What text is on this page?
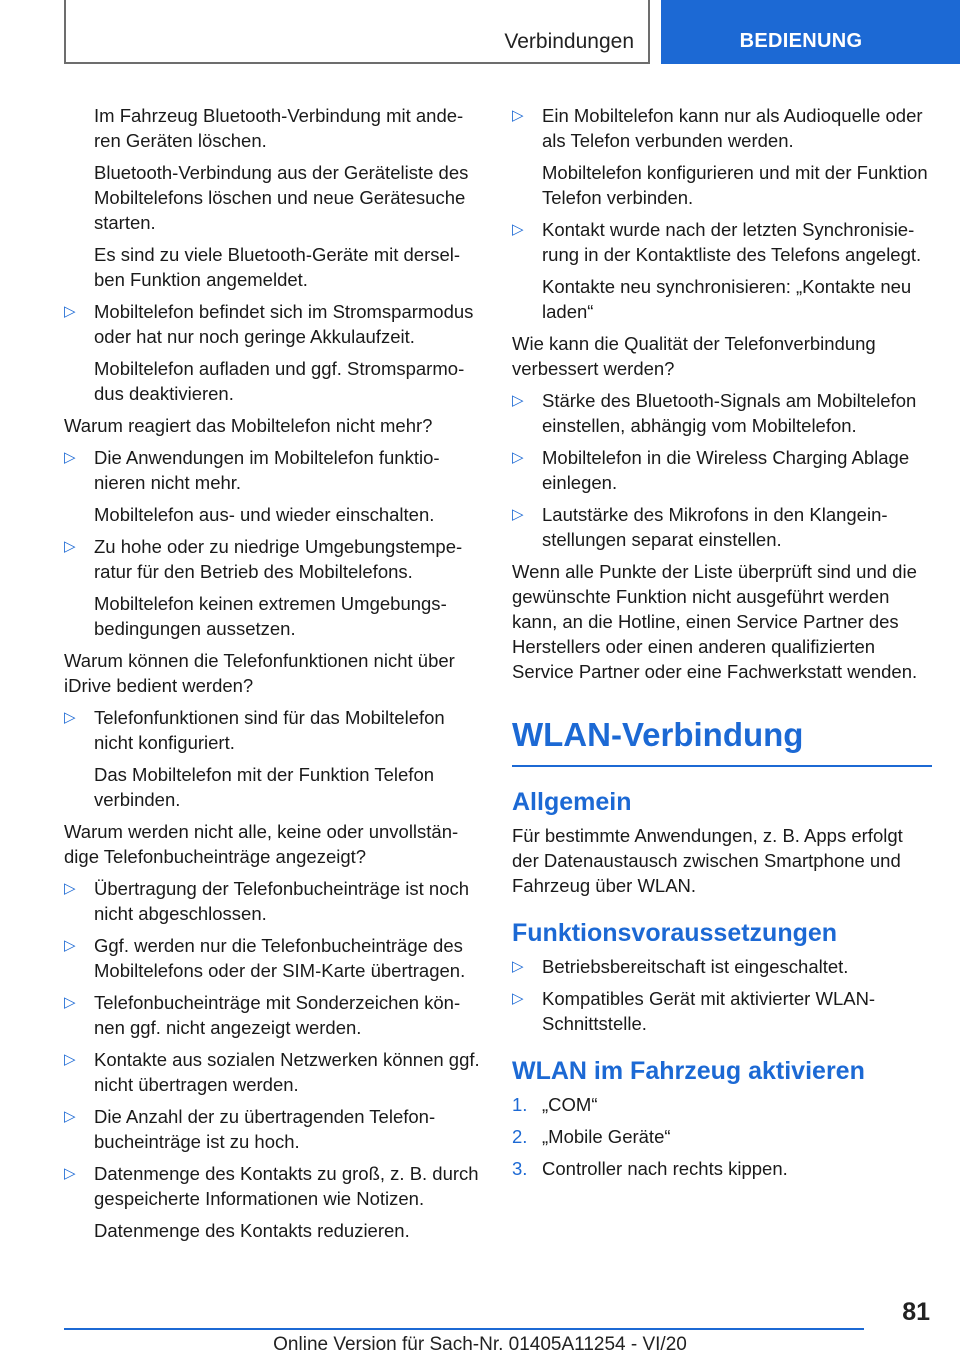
Verbindungen	BEDIENUNG
Im Fahrzeug Bluetooth-Verbindung mit anderen Geräten löschen.
Bluetooth-Verbindung aus der Geräteliste des Mobiltelefons löschen und neue Gerätesuche starten.
Es sind zu viele Bluetooth-Geräte mit derselben Funktion angemeldet.
▷ Mobiltelefon befindet sich im Stromsparmodus oder hat nur noch geringe Akkulaufzeit.
Mobiltelefon aufladen und ggf. Stromsparmodus deaktivieren.
Warum reagiert das Mobiltelefon nicht mehr?
▷ Die Anwendungen im Mobiltelefon funktionieren nicht mehr.
Mobiltelefon aus- und wieder einschalten.
▷ Zu hohe oder zu niedrige Umgebungstemperatur für den Betrieb des Mobiltelefons.
Mobiltelefon keinen extremen Umgebungsbedingungen aussetzen.
Warum können die Telefonfunktionen nicht über iDrive bedient werden?
▷ Telefonfunktionen sind für das Mobiltelefon nicht konfiguriert.
Das Mobiltelefon mit der Funktion Telefon verbinden.
Warum werden nicht alle, keine oder unvollständige Telefonbucheinträge angezeigt?
▷ Übertragung der Telefonbucheinträge ist noch nicht abgeschlossen.
▷ Ggf. werden nur die Telefonbucheinträge des Mobiltelefons oder der SIM-Karte übertragen.
▷ Telefonbucheinträge mit Sonderzeichen können ggf. nicht angezeigt werden.
▷ Kontakte aus sozialen Netzwerken können ggf. nicht übertragen werden.
▷ Die Anzahl der zu übertragenden Telefonbucheinträge ist zu hoch.
▷ Datenmenge des Kontakts zu groß, z. B. durch gespeicherte Informationen wie Notizen.
Datenmenge des Kontakts reduzieren.
▷ Ein Mobiltelefon kann nur als Audioquelle oder als Telefon verbunden werden.
Mobiltelefon konfigurieren und mit der Funktion Telefon verbinden.
▷ Kontakt wurde nach der letzten Synchronisierung in der Kontaktliste des Telefons angelegt.
Kontakte neu synchronisieren: „Kontakte neu laden“
Wie kann die Qualität der Telefonverbindung verbessert werden?
▷ Stärke des Bluetooth-Signals am Mobiltelefon einstellen, abhängig vom Mobiltelefon.
▷ Mobiltelefon in die Wireless Charging Ablage einlegen.
▷ Lautstärke des Mikrofons in den Klangeinstellungen separat einstellen.
Wenn alle Punkte der Liste überprüft sind und die gewünschte Funktion nicht ausgeführt werden kann, an die Hotline, einen Service Partner des Herstellers oder einen anderen qualifizierten Service Partner oder eine Fachwerkstatt wenden.
WLAN-Verbindung
Allgemein
Für bestimmte Anwendungen, z. B. Apps erfolgt der Datenaustausch zwischen Smartphone und Fahrzeug über WLAN.
Funktionsvoraussetzungen
▷ Betriebsbereitschaft ist eingeschaltet.
▷ Kompatibles Gerät mit aktivierter WLAN-Schnittstelle.
WLAN im Fahrzeug aktivieren
1. „COM“
2. „Mobile Geräte“
3. Controller nach rechts kippen.
81
Online Version für Sach-Nr. 01405A11254 - VI/20
